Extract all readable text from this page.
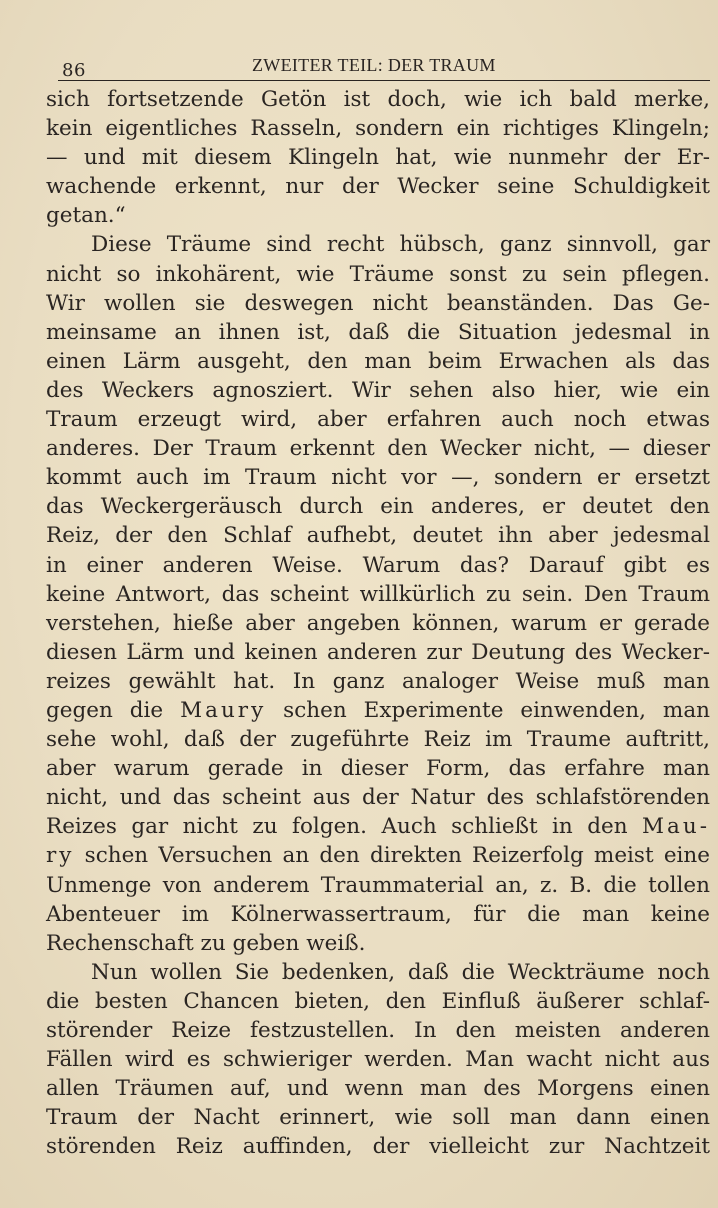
86	ZWEITER TEIL: DER TRAUM
sich fortsetzende Getön ist doch, wie ich bald merke,
kein eigentliches Rasseln, sondern ein richtiges Klingeln;
— und mit diesem Klingeln hat, wie nunmehr der Er-
wachende erkennt, nur der Wecker seine Schuldigkeit
getan.“
Diese Träume sind recht hübsch, ganz sinnvoll, gar
nicht so inkohärent, wie Träume sonst zu sein pflegen.
Wir wollen sie deswegen nicht beanständen. Das Ge-
meinsame an ihnen ist, daß die Situation jedesmal in
einen Lärm ausgeht, den man beim Erwachen als das
des Weckers agnosziert. Wir sehen also hier, wie ein
Traum erzeugt wird, aber erfahren auch noch etwas
anderes. Der Traum erkennt den Wecker nicht, — dieser
kommt auch im Traum nicht vor —, sondern er ersetzt
das Weckergeräusch durch ein anderes, er deutet den
Reiz, der den Schlaf aufhebt, deutet ihn aber jedesmal
in einer anderen Weise. Warum das? Darauf gibt es
keine Antwort, das scheint willkürlich zu sein. Den Traum
verstehen, hieße aber angeben können, warum er gerade
diesen Lärm und keinen anderen zur Deutung des Wecker-
reizes gewählt hat. In ganz analoger Weise muß man
gegen die Maury schen Experimente einwenden, man
sehe wohl, daß der zugeführte Reiz im Traume auftritt,
aber warum gerade in dieser Form, das erfahre man
nicht, und das scheint aus der Natur des schlafstörenden
Reizes gar nicht zu folgen. Auch schließt in den Mau-
ry schen Versuchen an den direkten Reizerfolg meist eine
Unmenge von anderem Traummaterial an, z. B. die tollen
Abenteuer im Kölnerwassertraum, für die man keine
Rechenschaft zu geben weiß.
Nun wollen Sie bedenken, daß die Weckträume noch
die besten Chancen bieten, den Einfluß äußerer schlaf-
störender Reize festzustellen. In den meisten anderen
Fällen wird es schwieriger werden. Man wacht nicht aus
allen Träumen auf, und wenn man des Morgens einen
Traum der Nacht erinnert, wie soll man dann einen
störenden Reiz auffinden, der vielleicht zur Nachtzeit
